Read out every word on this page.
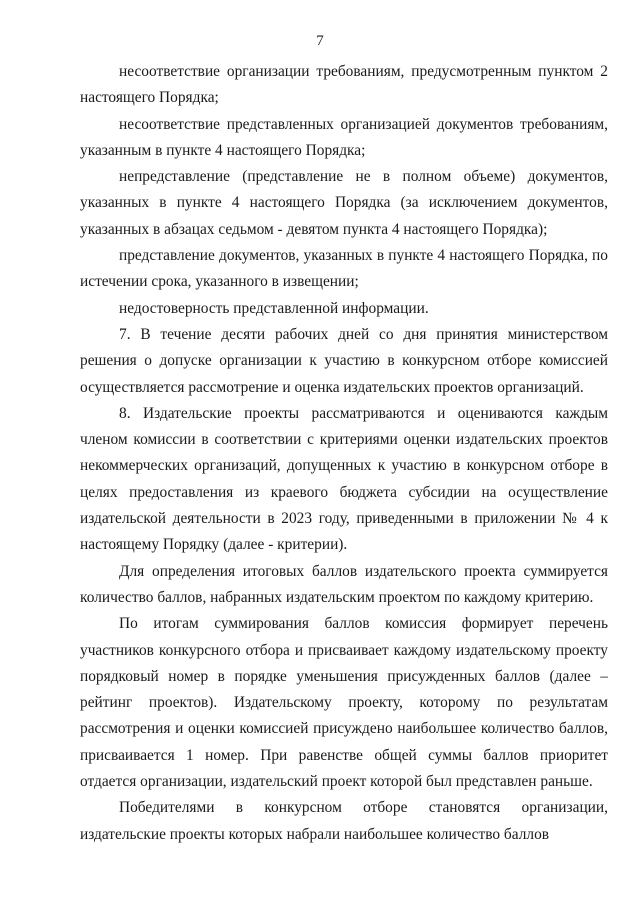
7

несоответствие организации требованиям, предусмотренным пунктом 2 настоящего Порядка;

несоответствие представленных организацией документов требованиям, указанным в пункте 4 настоящего Порядка;

непредставление (представление не в полном объеме) документов, указанных в пункте 4 настоящего Порядка (за исключением документов, указанных в абзацах седьмом - девятом пункта 4 настоящего Порядка);

представление документов, указанных в пункте 4 настоящего Порядка, по истечении срока, указанного в извещении;

недостоверность представленной информации.

7. В течение десяти рабочих дней со дня принятия министерством решения о допуске организации к участию в конкурсном отборе комиссией осуществляется рассмотрение и оценка издательских проектов организаций.

8. Издательские проекты рассматриваются и оцениваются каждым членом комиссии в соответствии с критериями оценки издательских проектов некоммерческих организаций, допущенных к участию в конкурсном отборе в целях предоставления из краевого бюджета субсидии на осуществление издательской деятельности в 2023 году, приведенными в приложении № 4 к настоящему Порядку (далее - критерии).

Для определения итоговых баллов издательского проекта суммируется количество баллов, набранных издательским проектом по каждому критерию.

По итогам суммирования баллов комиссия формирует перечень участников конкурсного отбора и присваивает каждому издательскому проекту порядковый номер в порядке уменьшения присужденных баллов (далее – рейтинг проектов). Издательскому проекту, которому по результатам рассмотрения и оценки комиссией присуждено наибольшее количество баллов, присваивается 1 номер. При равенстве общей суммы баллов приоритет отдается организации, издательский проект которой был представлен раньше.

Победителями в конкурсном отборе становятся организации, издательские проекты которых набрали наибольшее количество баллов
